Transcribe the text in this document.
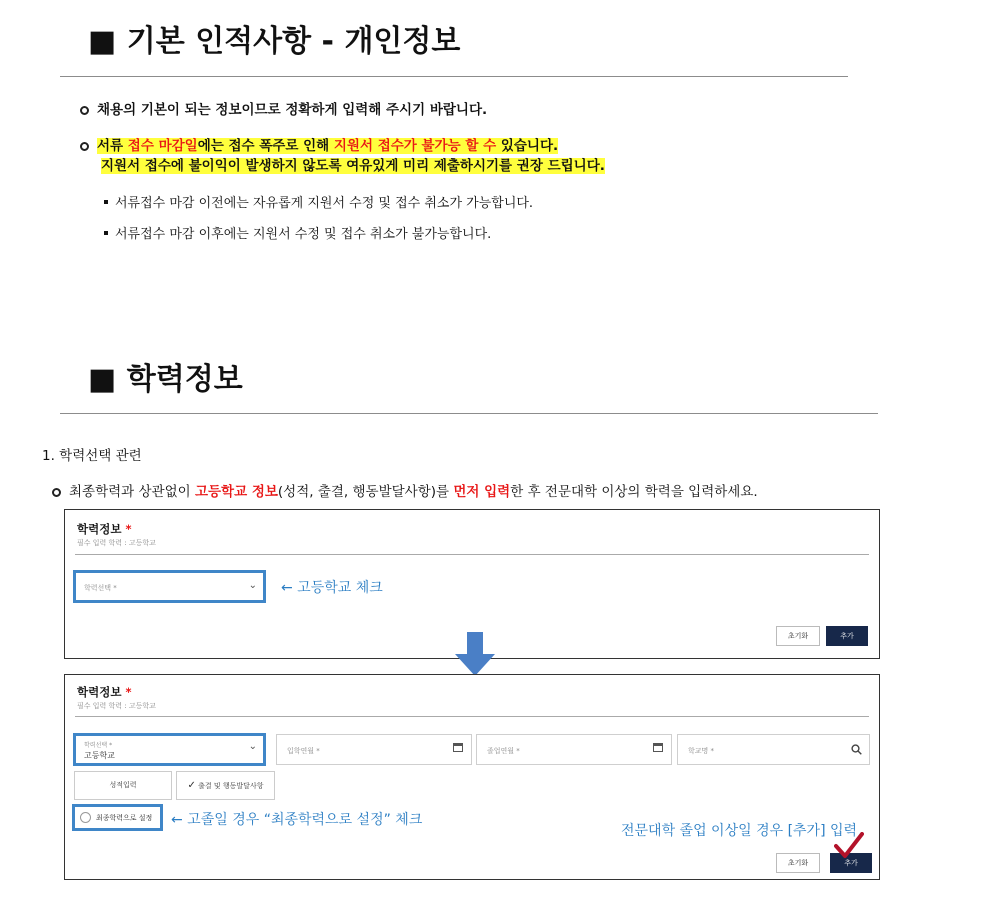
■ 기본 인적사항 - 개인정보
채용의 기본이 되는 정보이므로 정확하게 입력해 주시기 바랍니다.
서류 접수 마감일에는 접수 폭주로 인해 지원서 접수가 불가능 할 수 있습니다.
지원서 접수에 불이익이 발생하지 않도록 여유있게 미리 제출하시기를 권장 드립니다.
서류접수 마감 이전에는 자유롭게 지원서 수정 및 접수 취소가 가능합니다.
서류접수 마감 이후에는 지원서 수정 및 접수 취소가 불가능합니다.
■ 학력정보
1. 학력선택 관련
최종학력과 상관없이 고등학교 정보(성적, 출결, 행동발달사항)를 먼저 입력한 후 전문대학 이상의 학력을 입력하세요.
학력정보 *
필수 입력 학력 : 고등학교
학력선택 *	⌄ ← 고등학교 체크
초기화	추가
학력정보 *
필수 입력 학력 : 고등학교
학력선택 *
고등학교
⌄	입학연월 *	졸업연월 *	학교명 *
성적입력	✓ 출결 및 행동발달사항
최종학력으로 설정 ← 고졸일 경우 “최종학력으로 설정” 체크
전문대학 졸업 이상일 경우 [추가] 입력
초기화	추가
